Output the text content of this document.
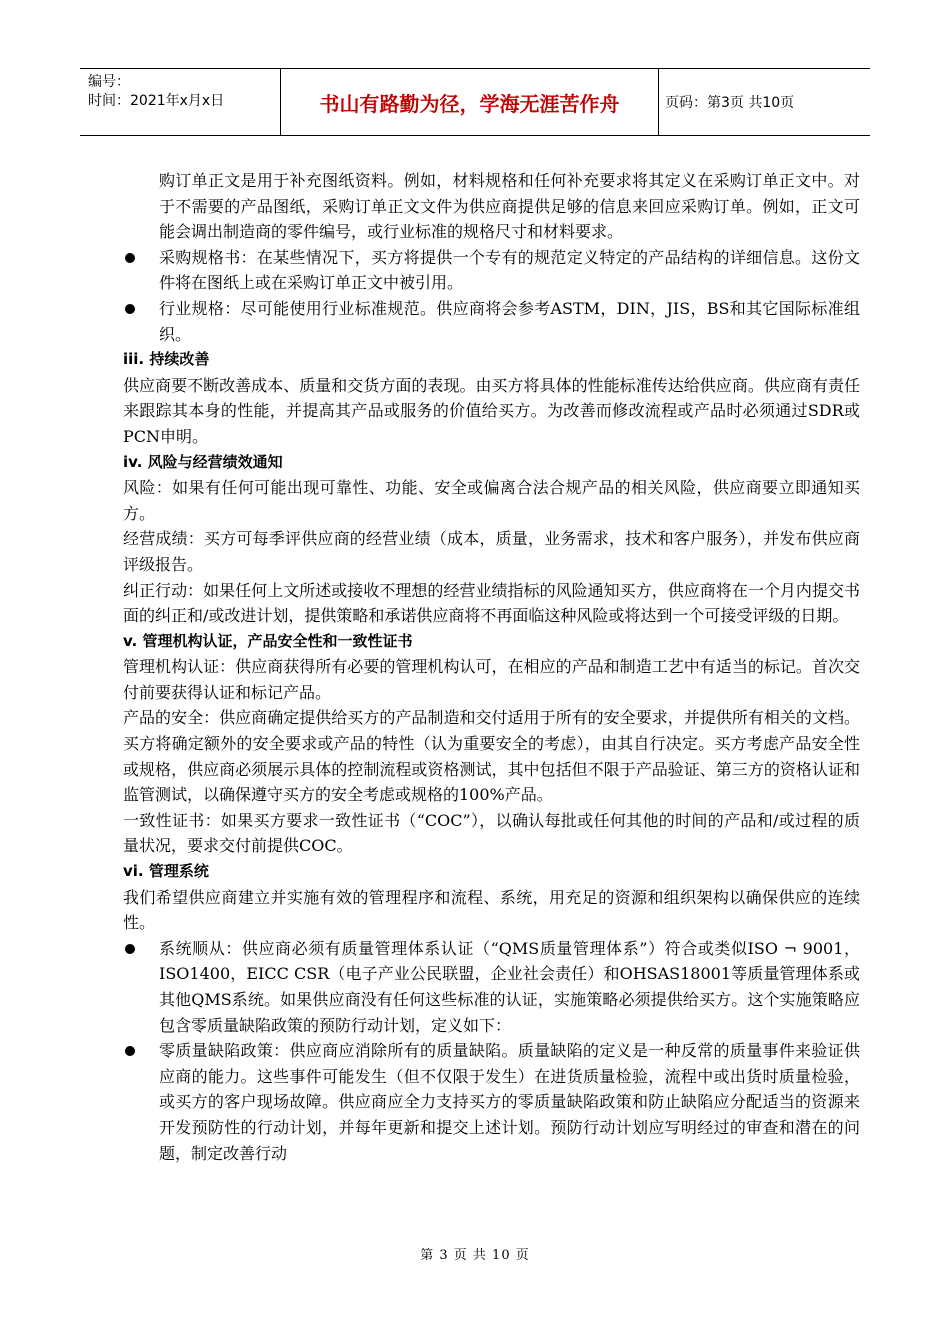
编号：
时间：2021年x月x日	书山有路勤为径，学海无涯苦作舟	页码：第3页 共10页

购订单正文是用于补充图纸资料。例如，材料规格和任何补充要求将其定义在采购订单正文中。对于不需要的产品图纸，采购订单正文文件为供应商提供足够的信息来回应采购订单。例如，正文可能会调出制造商的零件编号，或行业标准的规格尺寸和材料要求。

采购规格书：在某些情况下，买方将提供一个专有的规范定义特定的产品结构的详细信息。这份文件将在图纸上或在采购订单正文中被引用。

行业规格：尽可能使用行业标准规范。供应商将会参考ASTM，DIN，JIS，BS和其它国际标准组织。

iii. 持续改善

供应商要不断改善成本、质量和交货方面的表现。由买方将具体的性能标准传达给供应商。供应商有责任来跟踪其本身的性能，并提高其产品或服务的价值给买方。为改善而修改流程或产品时必须通过SDR或PCN申明。

iv. 风险与经营绩效通知

风险：如果有任何可能出现可靠性、功能、安全或偏离合法合规产品的相关风险，供应商要立即通知买方。

经营成绩：买方可每季评供应商的经营业绩（成本，质量，业务需求，技术和客户服务），并发布供应商评级报告。

纠正行动：如果任何上文所述或接收不理想的经营业绩指标的风险通知买方，供应商将在一个月内提交书面的纠正和/或改进计划，提供策略和承诺供应商将不再面临这种风险或将达到一个可接受评级的日期。

v. 管理机构认证，产品安全性和一致性证书

管理机构认证：供应商获得所有必要的管理机构认可，在相应的产品和制造工艺中有适当的标记。首次交付前要获得认证和标记产品。

产品的安全：供应商确定提供给买方的产品制造和交付适用于所有的安全要求，并提供所有相关的文档。买方将确定额外的安全要求或产品的特性（认为重要安全的考虑），由其自行决定。买方考虑产品安全性或规格，供应商必须展示具体的控制流程或资格测试，其中包括但不限于产品验证、第三方的资格认证和监管测试，以确保遵守买方的安全考虑或规格的100%产品。

一致性证书：如果买方要求一致性证书（“COC”），以确认每批或任何其他的时间的产品和/或过程的质量状况，要求交付前提供COC。

vi. 管理系统

我们希望供应商建立并实施有效的管理程序和流程、系统，用充足的资源和组织架构以确保供应的连续性。

系统顺从：供应商必须有质量管理体系认证（“QMS质量管理体系”）符合或类似ISO ¬ 9001，ISO1400，EICC CSR（电子产业公民联盟，企业社会责任）和OHSAS18001等质量管理体系或其他QMS系统。如果供应商没有任何这些标准的认证，实施策略必须提供给买方。这个实施策略应包含零质量缺陷政策的预防行动计划，定义如下：

零质量缺陷政策：供应商应消除所有的质量缺陷。质量缺陷的定义是一种反常的质量事件来验证供应商的能力。这些事件可能发生（但不仅限于发生）在进货质量检验，流程中或出货时质量检验，或买方的客户现场故障。供应商应全力支持买方的零质量缺陷政策和防止缺陷应分配适当的资源来开发预防性的行动计划，并每年更新和提交上述计划。预防行动计划应写明经过的审查和潜在的问题，制定改善行动

第 3 页 共 10 页
